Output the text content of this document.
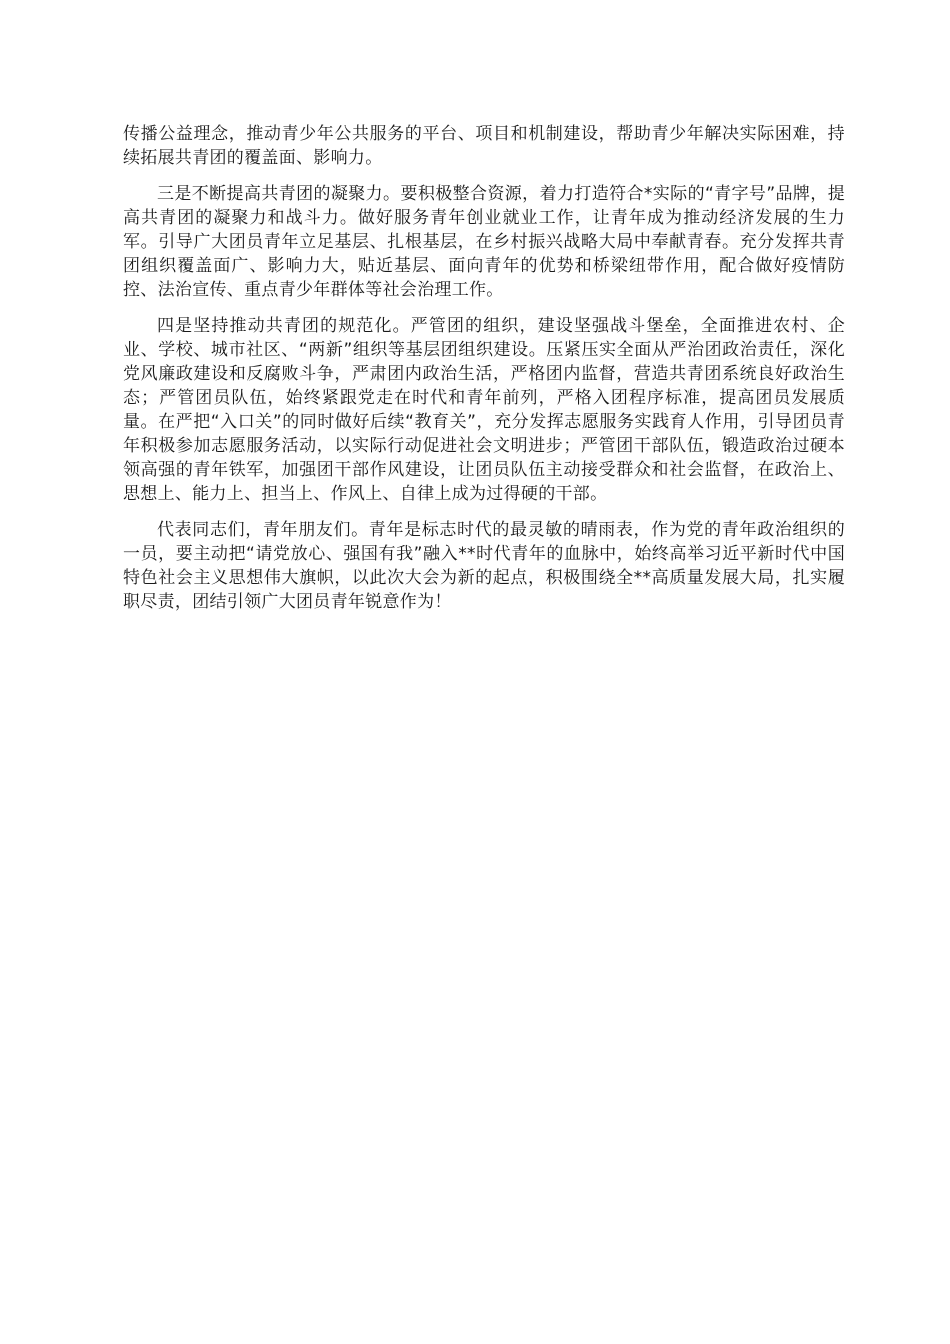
传播公益理念，推动青少年公共服务的平台、项目和机制建设，帮助青少年解决实际困难，持续拓展共青团的覆盖面、影响力。

三是不断提高共青团的凝聚力。要积极整合资源，着力打造符合*实际的“青字号”品牌，提高共青团的凝聚力和战斗力。做好服务青年创业就业工作，让青年成为推动经济发展的生力军。引导广大团员青年立足基层、扎根基层，在乡村振兴战略大局中奉献青春。充分发挥共青团组织覆盖面广、影响力大，贴近基层、面向青年的优势和桥梁纽带作用，配合做好疫情防控、法治宣传、重点青少年群体等社会治理工作。

四是坚持推动共青团的规范化。严管团的组织，建设坚强战斗堡垒，全面推进农村、企业、学校、城市社区、“两新”组织等基层团组织建设。压紧压实全面从严治团政治责任，深化党风廉政建设和反腐败斗争，严肃团内政治生活，严格团内监督，营造共青团系统良好政治生态；严管团员队伍，始终紧跟党走在时代和青年前列，严格入团程序标准，提高团员发展质量。在严把“入口关”的同时做好后续“教育关”，充分发挥志愿服务实践育人作用，引导团员青年积极参加志愿服务活动，以实际行动促进社会文明进步；严管团干部队伍，锻造政治过硬本领高强的青年铁军，加强团干部作风建设，让团员队伍主动接受群众和社会监督，在政治上、思想上、能力上、担当上、作风上、自律上成为过得硬的干部。

代表同志们，青年朋友们。青年是标志时代的最灵敏的晴雨表，作为党的青年政治组织的一员，要主动把“请党放心、强国有我”融入**时代青年的血脉中，始终高举习近平新时代中国特色社会主义思想伟大旗帜，以此次大会为新的起点，积极围绕全**高质量发展大局，扎实履职尽责，团结引领广大团员青年锐意作为！
